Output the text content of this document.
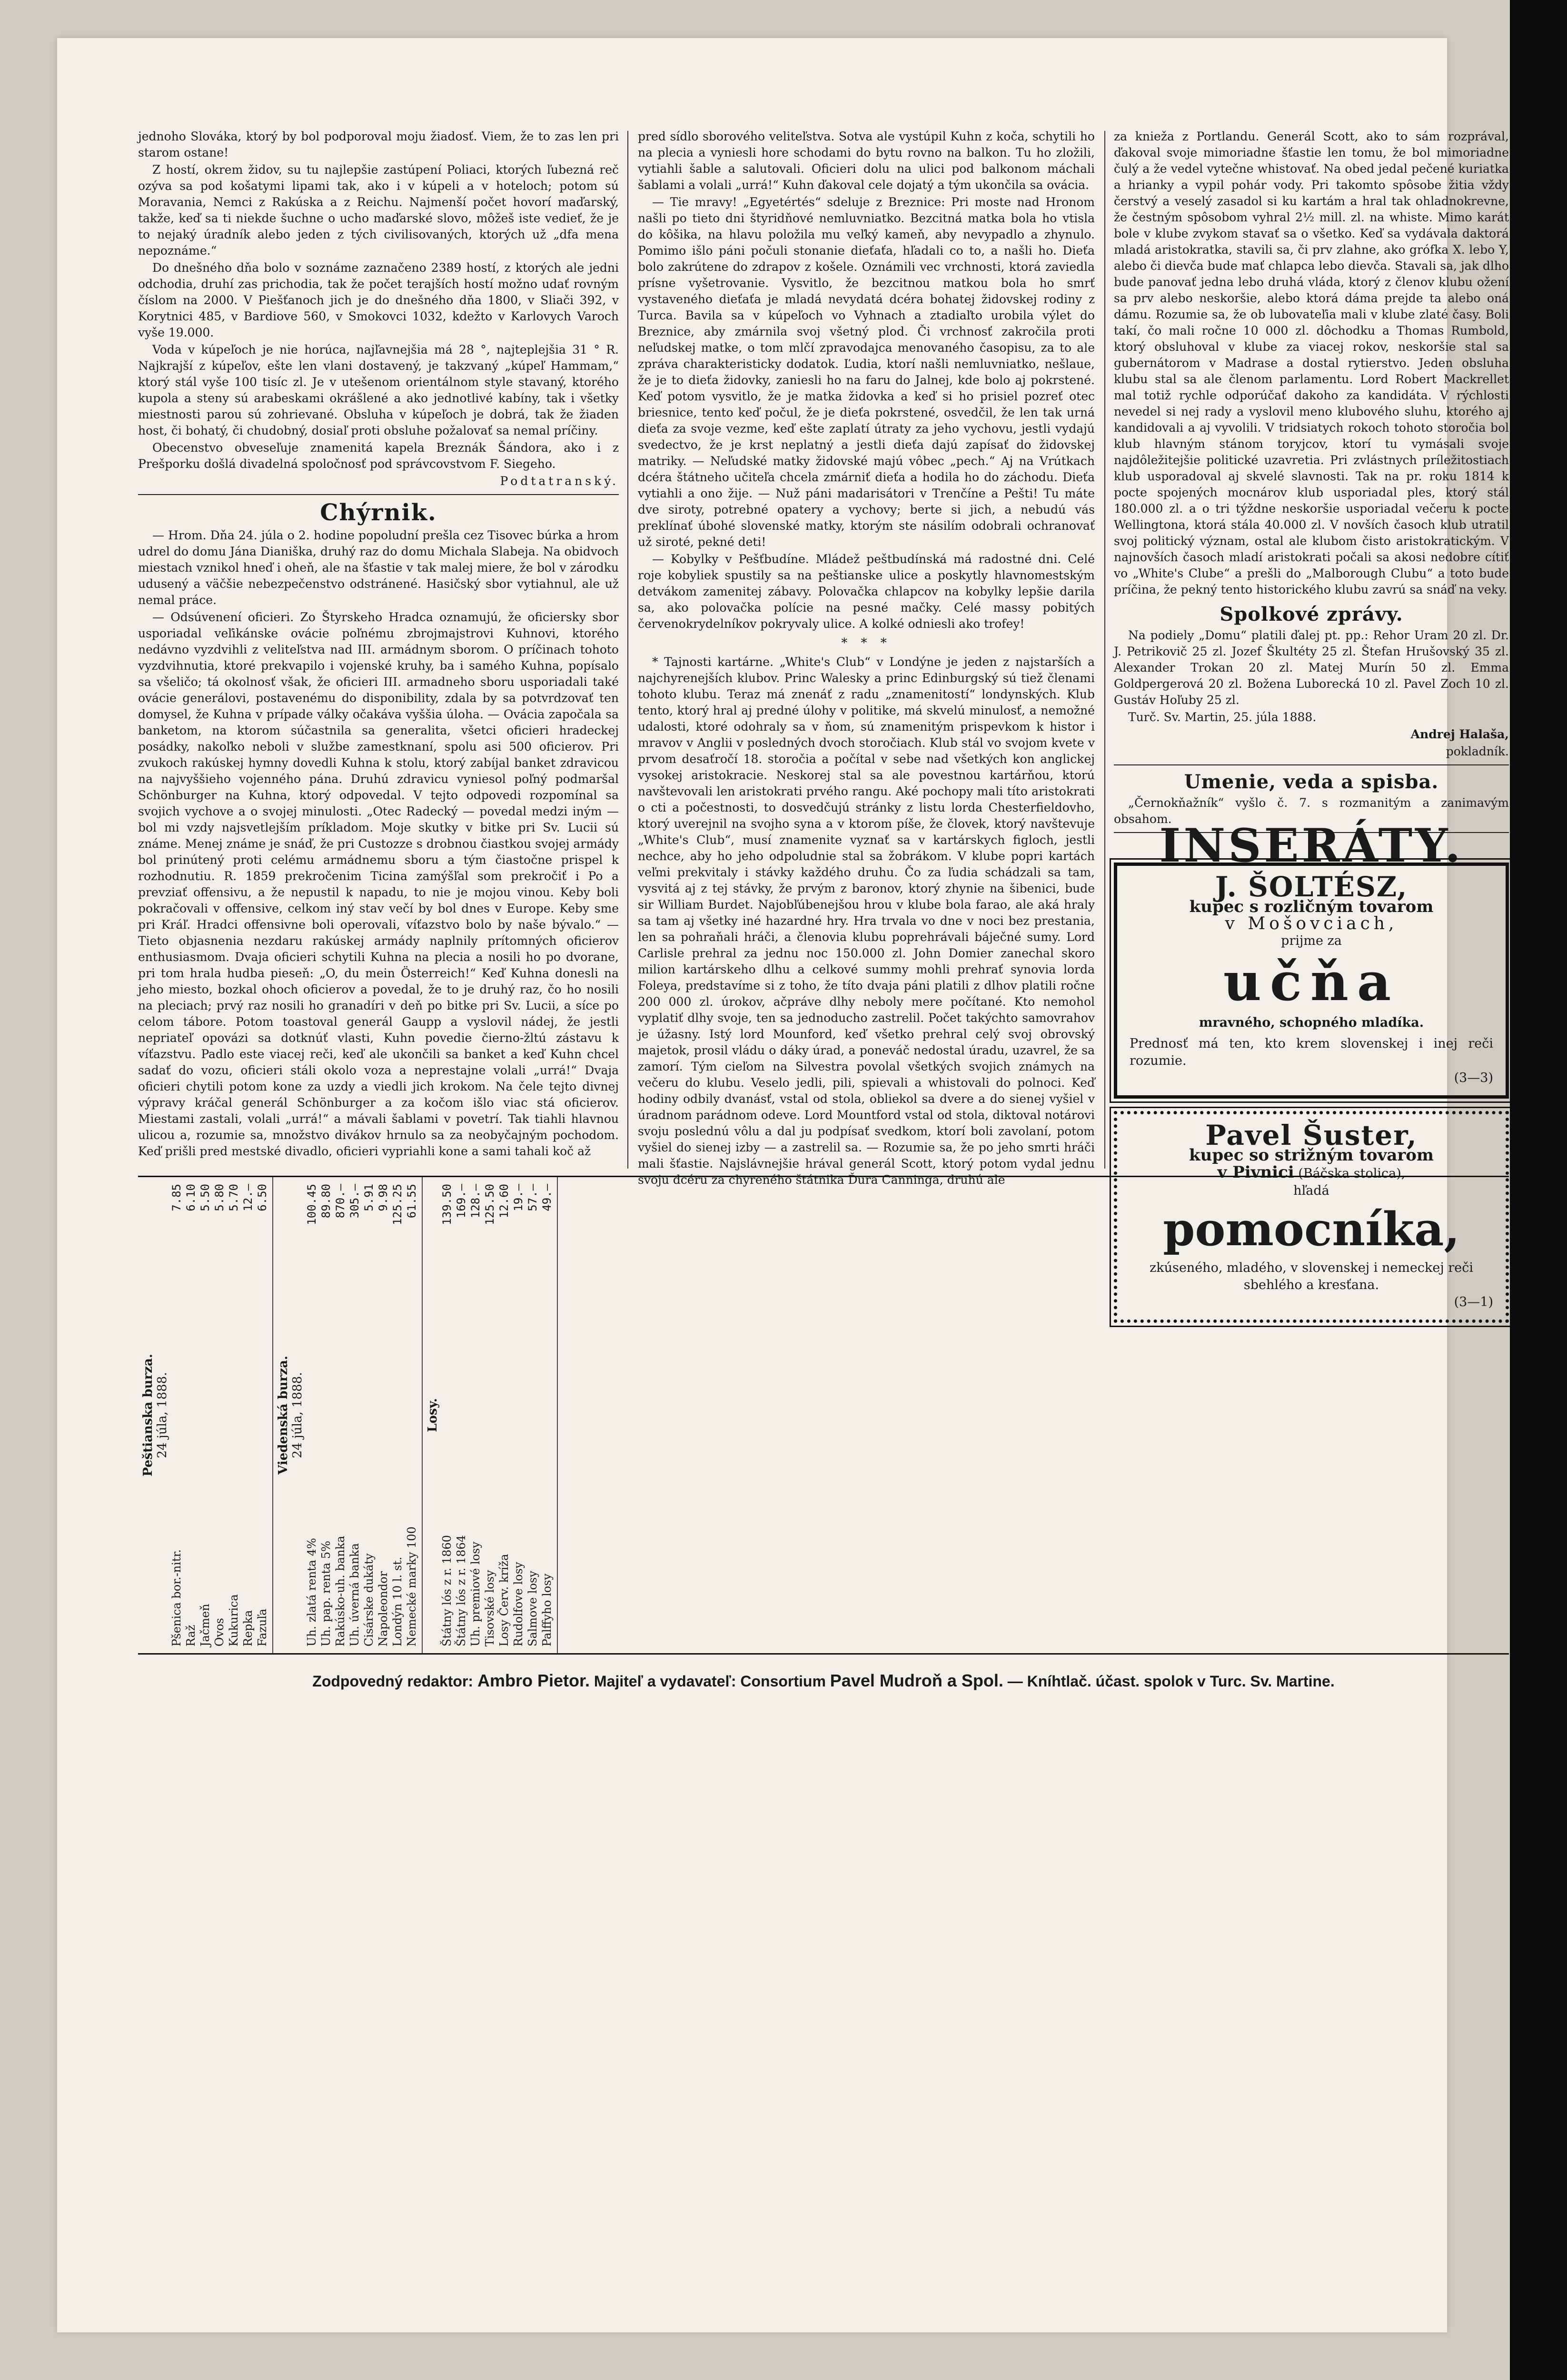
jednoho Slováka, ktorý by bol podporoval moju žiadosť. Viem, že to zas len pri starom ostane!

Z hostí, okrem židov, su tu najlepšie zastúpení Poliaci, ktorých ľubezná reč ozýva sa pod košatymi lipami tak, ako i v kúpeli a v hoteloch; potom sú Moravania, Nemci z Rakúska a z Reichu. Najmenší počet hovorí maďarský, takže, keď sa ti niekde šuchne o ucho maďarské slovo, môžeš iste vedieť, že je to nejaký úradník alebo jeden z tých civilisovaných, ktorých už „dfa mena nepoznáme.“

Do dnešného dňa bolo v soznáme zaznačeno 2389 hostí, z ktorých ale jedni odchodia, druhí zas prichodia, tak že počet terajších hostí možno udať rovným číslom na 2000. V Piešťanoch jich je do dnešného dňa 1800, v Sliači 392, v Korytnici 485, v Bardiove 560, v Smokovci 1032, kdežto v Karlovych Varoch vyše 19.000.

Voda v kúpeľoch je nie horúca, najľavnejšia má 28 °, najteplejšia 31 ° R. Najkrajší z kúpeľov, ešte len vlani dostavený, je takzvaný „kúpeľ Hammam,“ ktorý stál vyše 100 tisíc zl. Je v utešenom orientálnom style stavaný, ktorého kupola a steny sú arabeskami okrášlené a ako jednotlivé kabíny, tak i všetky miestnosti parou sú zohrievané. Obsluha v kúpeľoch je dobrá, tak že žiaden host, či bohatý, či chudobný, dosiaľ proti obsluhe požalovať sa nemal príčiny.

Obecenstvo obveseľuje znamenitá kapela Breznák Šándora, ako i z Prešporku došlá divadelná spoločnosť pod správcovstvom F. Siegeho.

Podtatranský.

Chýrnik.

— Hrom. Dňa 24. júla o 2. hodine popoludní prešla cez Tisovec búrka a hrom udrel do domu Jána Dianiška, druhý raz do domu Michala Slabeja. Na obidvoch miestach vznikol hneď i oheň, ale na šťastie v tak malej miere, že bol v zárodku udusený a väčšie nebezpečenstvo odstránené. Hasičský sbor vytiahnul, ale už nemal práce.

— Odsúvenení oficieri. Zo Štyrskeho Hradca oznamujú, že oficiersky sbor usporiadal veľikánske ovácie poľnému zbrojmajstrovi Kuhnovi, ktorého nedávno vyzdvihli z veliteľstva nad III. armádnym sborom. O príčinach tohoto vyzdvihnutia, ktoré prekvapilo i vojenské kruhy, ba i samého Kuhna, popísalo sa všeličo; tá okolnosť však, že oficieri III. armadneho sboru usporiadali také ovácie generálovi, postavenému do disponibility, zdala by sa potvrdzovať ten domysel, že Kuhna v prípade války očakáva vyššia úloha. — Ovácia započala sa banketom, na ktorom súčastnila sa generalita, všetci oficieri hradeckej posádky, nakoľko neboli v službe zamestknaní, spolu asi 500 oficierov. Pri zvukoch rakúskej hymny dovedli Kuhna k stolu, ktorý zabíjal banket zdravicou na najvyššieho vojenného pána. Druhú zdravicu vyniesol poľný podmaršal Schönburger na Kuhna, ktorý odpovedal. V tejto odpovedi rozpomínal sa svojich vychove a o svojej minulosti. „Otec Radecký — povedal medzi iným — bol mi vzdy najsvetlejším príkladom. Moje skutky v bitke pri Sv. Lucii sú známe. Menej známe je snáď, že pri Custozze s drobnou čiastkou svojej armády bol prinútený proti celému armádnemu sboru a tým čiastočne prispel k rozhodnutiu. R. 1859 prekročenim Ticina zamýšľal som prekročiť i Po a prevziať offensivu, a že nepustil k napadu, to nie je mojou vinou. Keby boli pokračovali v offensive, celkom iný stav večí by bol dnes v Europe. Keby sme pri Kráľ. Hradci offensivne boli operovali, víťazstvo bolo by naše bývalo.“ — Tieto objasnenia nezdaru rakúskej armády naplnily prítomných oficierov enthusiasmom. Dvaja oficieri schytili Kuhna na plecia a nosili ho po dvorane, pri tom hrala hudba pieseň: „O, du mein Österreich!“ Keď Kuhna donesli na jeho miesto, bozkal ohoch oficierov a povedal, že to je druhý raz, čo ho nosili na pleciach; prvý raz nosili ho granadíri v deň po bitke pri Sv. Lucii, a síce po celom tábore. Potom toastoval generál Gaupp a vyslovil nádej, že jestli nepriateľ opovázi sa dotknúť vlasti, Kuhn povedie čierno-žltú zástavu k víťazstvu. Padlo este viacej reči, keď ale ukončili sa banket a keď Kuhn chcel sadať do vozu, oficieri stáli okolo voza a neprestajne volali „urrá!“ Dvaja oficieri chytili potom kone za uzdy a viedli jich krokom. Na čele tejto divnej výpravy kráčal generál Schönburger a za kočom išlo viac stá oficierov. Miestami zastali, volali „urrá!“ a mávali šablami v povetrí. Tak tiahli hlavnou ulicou a, rozumie sa, množstvo divákov hrnulo sa za neobyčajným pochodom. Keď prišli pred mestské divadlo, oficieri vypriahli kone a sami tahali koč až

pred sídlo sborového veliteľstva. Sotva ale vystúpil Kuhn z koča, schytili ho na plecia a vyniesli hore schodami do bytu rovno na balkon. Tu ho zložili, vytiahli šable a salutovali. Oficieri dolu na ulici pod balkonom máchali šablami a volali „urrá!“ Kuhn ďakoval cele dojatý a tým ukončila sa ovácia.

— Tie mravy! „Egyetértés“ sdeluje z Breznice: Pri moste nad Hronom našli po tieto dni štyridňové nemluvniatko. Bezcitná matka bola ho vtisla do kôšika, na hlavu položila mu veľký kameň, aby nevypadlo a zhynulo. Pomimo išlo páni počuli stonanie dieťaťa, hľadali co to, a našli ho. Dieťa bolo zakrútene do zdrapov z košele. Oznámili vec vrchnosti, ktorá zaviedla prísne vyšetrovanie. Vysvitlo, že bezcitnou matkou bola ho smrť vystaveného dieťaťa je mladá nevydatá dcéra bohatej židovskej rodiny z Turca. Bavila sa v kúpeľoch vo Vyhnach a ztadiaľto urobila výlet do Breznice, aby zmárnila svoj všetný plod. Či vrchnosť zakročila proti neľudskej matke, o tom mlčí zpravodajca menovaného časopisu, za to ale zpráva charakteristicky dodatok. Ľudia, ktorí našli nemluvniatko, nešlaue, že je to dieťa židovky, zaniesli ho na faru do Jalnej, kde bolo aj pokrstené. Keď potom vysvitlo, že je matka židovka a keď si ho prisiel pozreť otec briesnice, tento keď počul, že je dieťa pokrstené, osvedčil, že len tak urná dieťa za svoje vezme, keď ešte zaplatí útraty za jeho vychovu, jestli vydajú svedectvo, že je krst neplatný a jestli dieťa dajú zapísať do židovskej matriky. — Neľudské matky židovské majú vôbec „pech.“ Aj na Vrútkach dcéra štátneho učiteľa chcela zmárniť dieťa a hodila ho do záchodu. Dieťa vytiahli a ono žije. — Nuž páni madarisátori v Trenčíne a Pešti! Tu máte dve siroty, potrebné opatery a vychovy; berte si jich, a nebudú vás preklínať úbohé slovenské matky, ktorým ste násilím odobrali ochranovať už siroté, pekné deti!

— Kobylky v Pešťbudíne. Mládež peštbudínská má radostné dni. Celé roje kobyliek spustily sa na peštianske ulice a poskytly hlavnomestským detvákom zamenitej zábavy. Polovačka chlapcov na kobylky lepšie darila sa, ako polovačka polície na pesné mačky. Celé massy pobitých červenokrydelníkov pokryvaly ulice. A kolké odniesli ako trofey!

* * *

* Tajnosti kartárne. „White's Club“ v Londýne je jeden z najstarších a najchyrenejších klubov. Princ Walesky a princ Edinburgský sú tiež členami tohoto klubu. Teraz má znenáť z radu „znamenitostí“ londynských. Klub tento, ktorý hral aj predné úlohy v politike, má skvelú minulosť, a nemožné udalosti, ktoré odohraly sa v ňom, sú znamenitým prispevkom k histor i mravov v Anglii v posledných dvoch storočiach. Klub stál vo svojom kvete v prvom desaťročí 18. storočia a počítal v sebe nad všetkých kon anglickej vysokej aristokracie. Neskorej stal sa ale povestnou kartárňou, ktorú navštevovali len aristokrati prvého rangu. Aké pochopy mali títo aristokrati o cti a počestnosti, to dosvedčujú stránky z listu lorda Chesterfieldovho, ktorý uverejnil na svojho syna a v ktorom píše, že človek, ktorý navštevuje „White's Club“, musí znamenite vyznať sa v kartárskych figloch, jestli nechce, aby ho jeho odpoludnie stal sa žobrákom. V klube popri kartách veľmi prekvitaly i stávky každého druhu. Čo za ľudia schádzali sa tam, vysvitá aj z tej stávky, že prvým z baronov, ktorý zhynie na šibenici, bude sir William Burdet. Najobľúbenejšou hrou v klube bola farao, ale aká hraly sa tam aj všetky iné hazardné hry. Hra trvala vo dne v noci bez prestania, len sa pohraňali hráči, a členovia klubu poprehrávali báječné sumy. Lord Carlisle prehral za jednu noc 150.000 zl. John Domier zanechal skoro milion kartárskeho dlhu a celkové summy mohli prehrať synovia lorda Foleya, predstavíme si z toho, že títo dvaja páni platili z dlhov platili ročne 200 000 zl. úrokov, ačpráve dlhy neboly mere počítané. Kto nemohol vyplatiť dlhy svoje, ten sa jednoducho zastrelil. Počet takýchto samovrahov je úžasny. Istý lord Mounford, keď všetko prehral celý svoj obrovský majetok, prosil vládu o dáky úrad, a poneváč nedostal úradu, uzavrel, že sa zamorí. Tým cieľom na Silvestra povolal všetkých svojich známych na večeru do klubu. Veselo jedli, pili, spievali a whistovali do polnoci. Keď hodiny odbily dvanásť, vstal od stola, obliekol sa dvere a do sienej vyšiel v úradnom parádnom odeve. Lord Mountford vstal od stola, diktoval notárovi svoju poslednú vôlu a dal ju podpísať svedkom, ktorí boli zavolaní, potom vyšiel do sienej izby — a zastrelil sa. — Rozumie sa, že po jeho smrti hráči mali šťastie. Najslávnejšie hrával generál Scott, ktorý potom vydal jednu svoju dcéru za chyreného štátnika Ďura Canninga, druhú ale

za knieža z Portlandu. Generál Scott, ako to sám rozprával, ďakoval svoje mimoriadne šťastie len tomu, že bol mimoriadne čulý a že vedel vytečne whistovať. Na obed jedal pečené kuriatka a hrianky a vypil pohár vody. Pri takomto spôsobe žitia vždy čerstvý a veselý zasadol si ku kartám a hral tak ohladnokrevne, že čestným spôsobom vyhral 2½ mill. zl. na whiste. Mimo karát bole v klube zvykom stavať sa o všetko. Keď sa vydávala daktorá mladá aristokratka, stavili sa, či prv zlahne, ako grófka X. lebo Y, alebo či dievča bude mať chlapca lebo dievča. Stavali sa, jak dlho bude panovať jedna lebo druhá vláda, ktorý z členov klubu ožení sa prv alebo neskoršie, alebo ktorá dáma prejde ta alebo oná dámu. Rozumie sa, že ob lubovateľia mali v klube zlaté časy. Boli takí, čo mali ročne 10 000 zl. dôchodku a Thomas Rumbold, ktorý obsluhoval v klube za viacej rokov, neskoršie stal sa gubernátorom v Madrase a dostal rytierstvo. Jeden obsluha klubu stal sa ale členom parlamentu. Lord Robert Mackrellet mal totiž rychle odporúčať dakoho za kandidáta. V rýchlosti nevedel si nej rady a vyslovil meno klubového sluhu, ktorého aj kandidovali a aj vyvolili. V tridsiatych rokoch tohoto storočia bol klub hlavným stánom toryjcov, ktorí tu vymásali svoje najdôležitejšie politické uzavretia. Pri zvlástnych príležitostiach klub usporadoval aj skvelé slavnosti. Tak na pr. roku 1814 k pocte spojených mocnárov klub usporiadal ples, ktorý stál 180.000 zl. a o tri týždne neskoršie usporiadal večeru k pocte Wellingtona, ktorá stála 40.000 zl. V novších časoch klub utratil svoj politický význam, ostal ale klubom čisto aristokratickým. V najnovších časoch mladí aristokrati počali sa akosi nedobre cítiť vo „White's Clube“ a prešli do „Malborough Clubu“ a toto bude príčina, že pekný tento historického klubu zavrú sa snáď na veky.

Spolkové zprávy.

Na podiely „Domu“ platili ďalej pt. pp.: Rehor Uram 20 zl. Dr. J. Petrikovič 25 zl. Jozef Škultéty 25 zl. Štefan Hrušovský 35 zl. Alexander Trokan 20 zl. Matej Murín 50 zl. Emma Goldpergerová 20 zl. Božena Luborecká 10 zl. Pavel Zoch 10 zl. Gustáv Hoľuby 25 zl.

Turč. Sv. Martin, 25. júla 1888.

Andrej Halaša,

pokladník.

Umenie, veda a spisba.

„Černokňažník“ vyšlo č. 7. s rozmanitým a zanimavým obsahom.

INSERÁTY.
J. ŠOLTÉSZ,
kupec s rozličným tovarom
v Mošovciach,
prijme za
učňa
mravného, schopného mladíka.
Prednosť má ten, kto krem slovenskej i inej reči rozumie.
(3—3)
Pavel Šuster,
kupec so strižným tovarom
v Pivnici (Báčska stolica),
hľadá
pomocníka,
zkúseného, mladého, v slovenskej i nemeckej reči sbehlého a kresťana.
(3—1)
Peštianska burza. 24 júla, 1888.
Pšenica bor.-nitr.
7.85
Raž
6.10
Jačmeň
5.50
Ovos
5.80
Kukurica
5.70
Repka
12.—
Fazuľa
6.50
Viedenská burza. 24 júla, 1888.
Uh. zlatá renta 4%
100.45
Uh. pap. renta 5%
89.80
Rakúsko-uh. banka
870.—
Uh. úverná banka
305.—
Cisárske dukáty
5.91
Napoleondor
9.98
Londýn 10 l. st.
125.25
Nemecké marky 100
61.55
Losy.
Štátny lós z r. 1860
139.50
Štátny lós z r. 1864
169.—
Uh. premiové losy
128.—
Tisovské losy
125.50
Losy Červ. kríža
12.60
Rudolfove losy
19.—
Salmove losy
57.—
Palffyho losy
49.—
Zodpovedný redaktor: Ambro Pietor. Majiteľ a vydavateľ: Consortium Pavel Mudroň a Spol. — Kníhtlač. účast. spolok v Turc. Sv. Martine.
